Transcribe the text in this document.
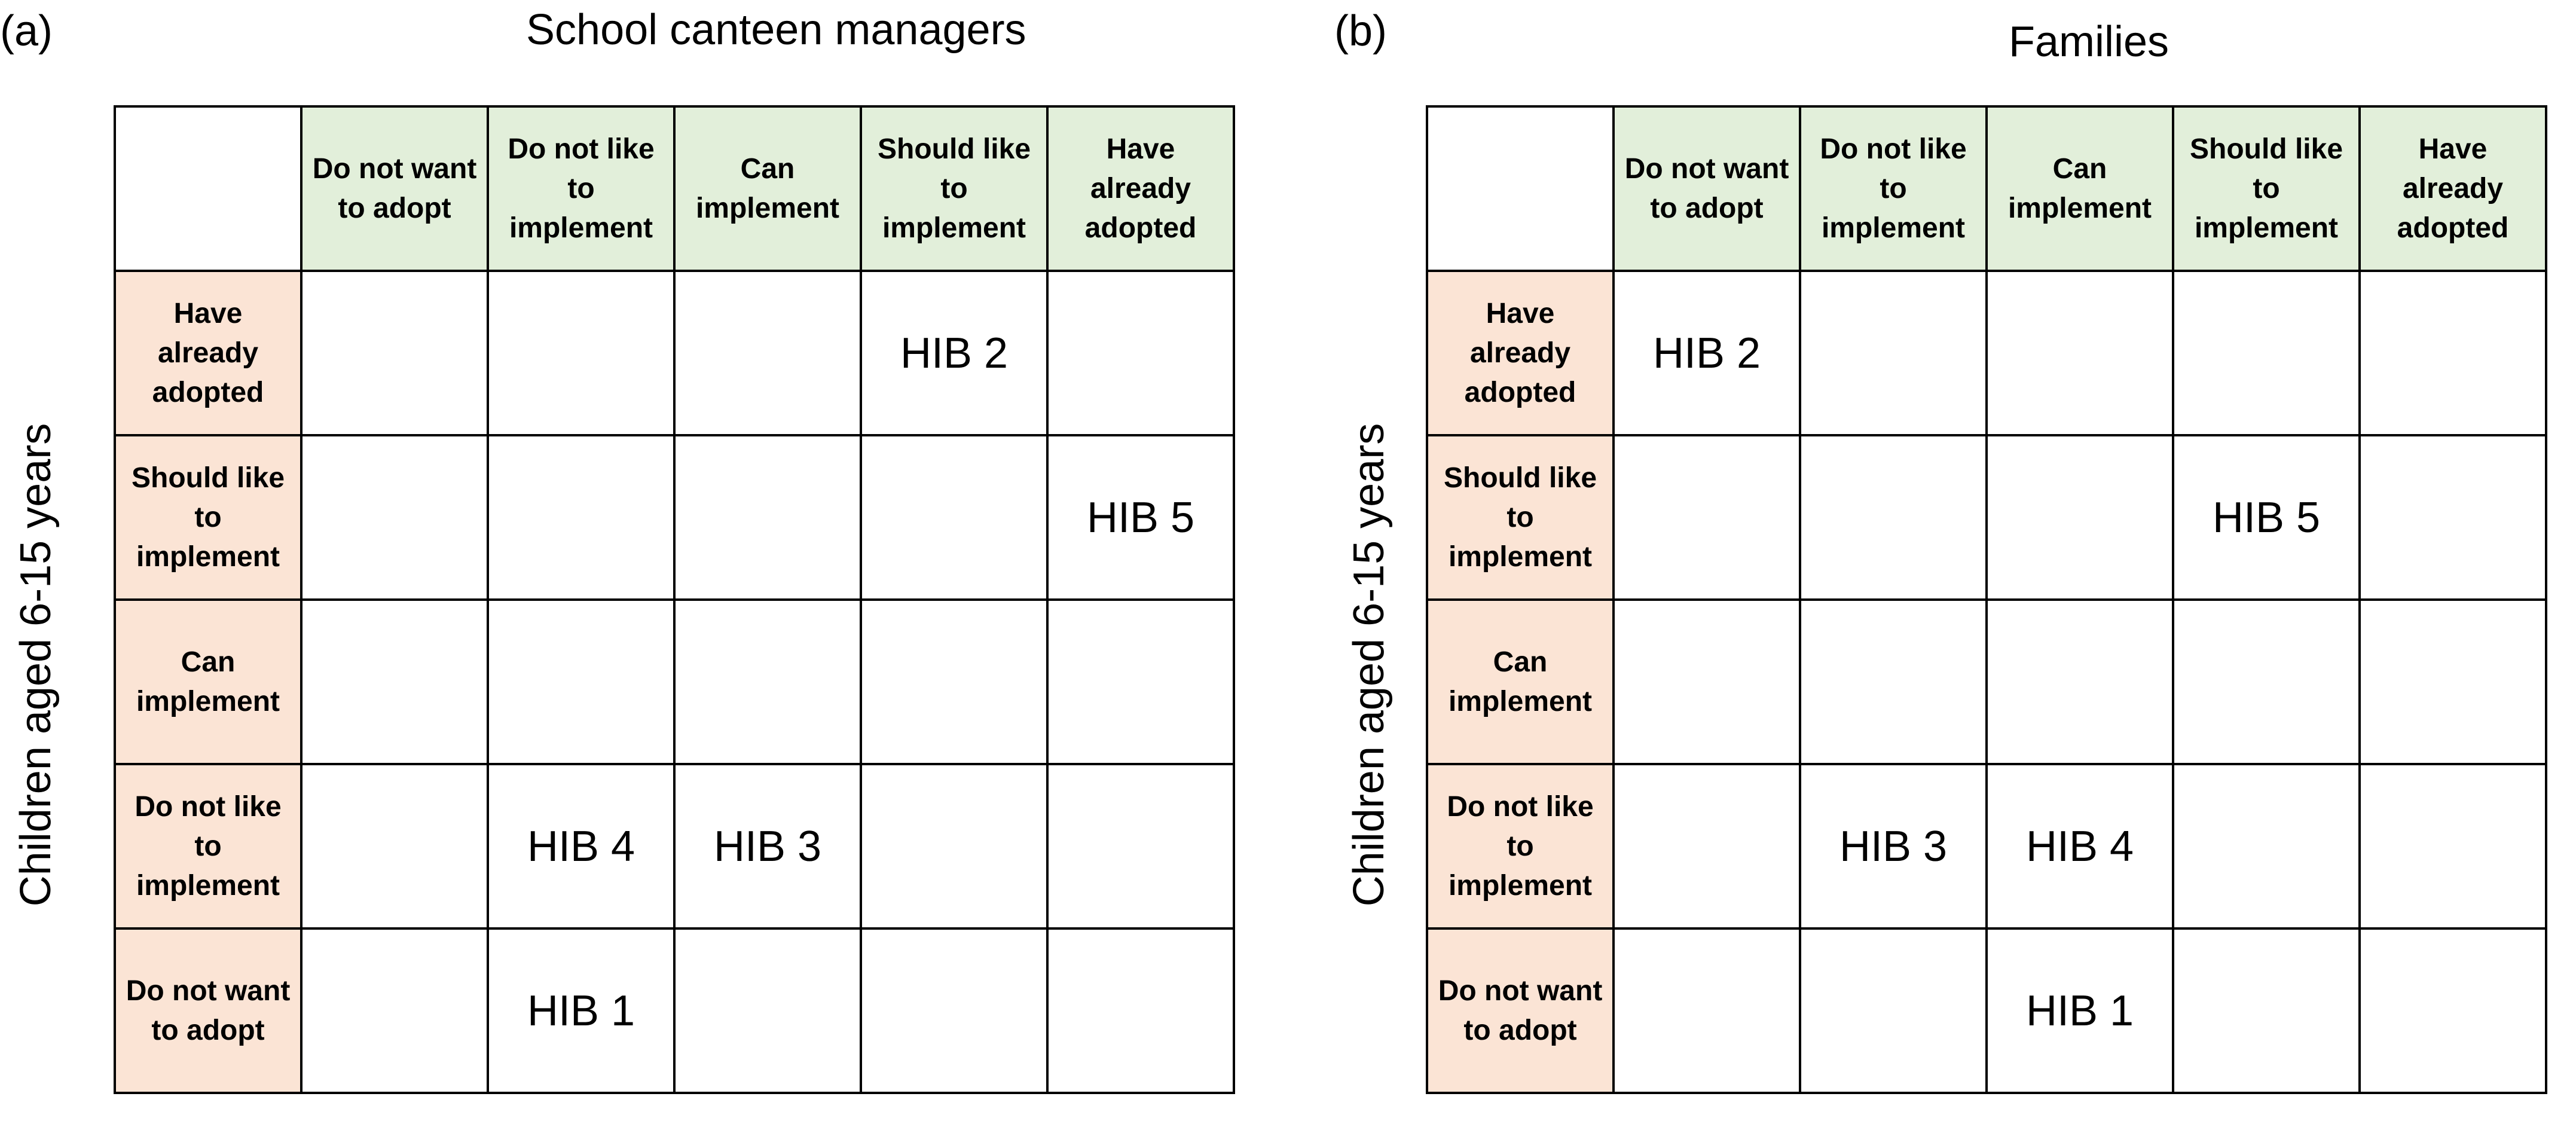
(a)	School canteen managers
Children aged 6-15 years

	Do not want to adopt	Do not like to implement	Can implement	Should like to implement	Have already adopted

Have already adopted				HIB 2	

Should like to implement					HIB 5

Can implement					

Do not like to implement		HIB 4	HIB 3		

Do not want to adopt		HIB 1			
(b)	Families
Children aged 6-15 years

	Do not want to adopt	Do not like to implement	Can implement	Should like to implement	Have already adopted

Have already adopted	HIB 2				

Should like to implement				HIB 5	

Can implement					

Do not like to implement		HIB 3	HIB 4		

Do not want to adopt			HIB 1		
